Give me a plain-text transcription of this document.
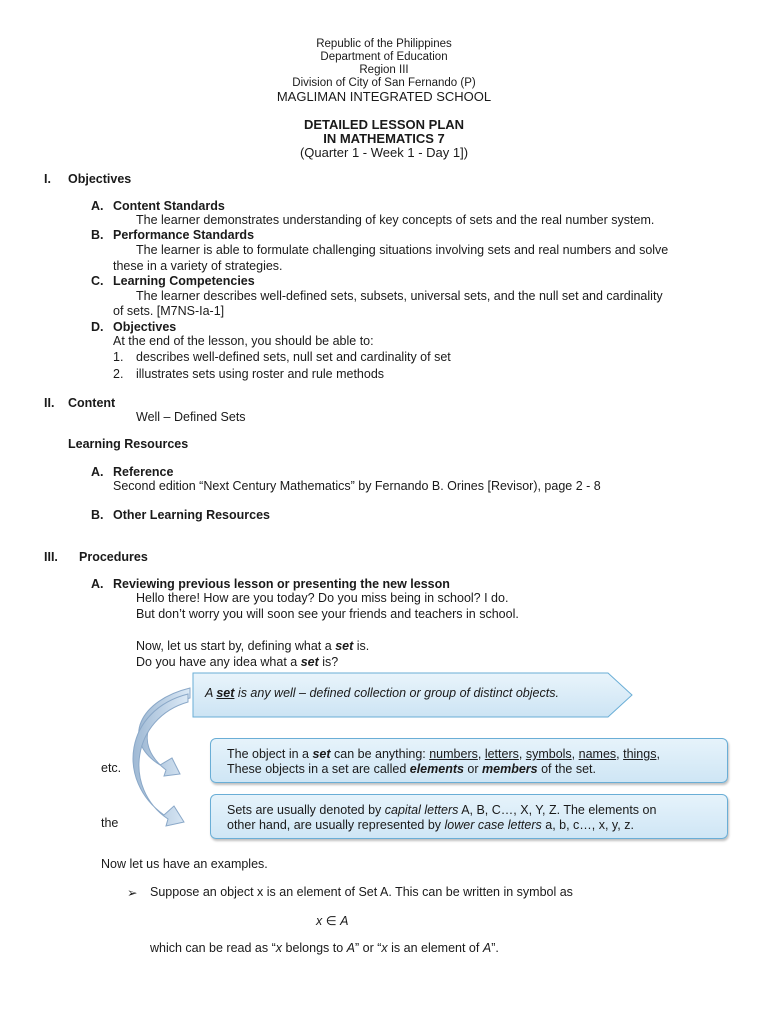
Republic of the Philippines
Department of Education
Region III
Division of City of San Fernando (P)
MAGLIMAN INTEGRATED SCHOOL
DETAILED LESSON PLAN
IN MATHEMATICS 7
(Quarter 1 - Week 1 - Day 1])
I. Objectives
A. Content Standards
The learner demonstrates understanding of key concepts of sets and the real number system.
B. Performance Standards
The learner is able to formulate challenging situations involving sets and real numbers and solve
these in a variety of strategies.
C. Learning Competencies
The learner describes well-defined sets, subsets, universal sets, and the null set and cardinality
of sets. [M7NS-Ia-1]
D. Objectives
At the end of the lesson, you should be able to:
1. describes well-defined sets, null set and cardinality of set
2. illustrates sets using roster and rule methods
II. Content
Well – Defined Sets
Learning Resources
A. Reference
Second edition “Next Century Mathematics” by Fernando B. Orines [Revisor), page 2 - 8
B. Other Learning Resources
III. Procedures
A. Reviewing previous lesson or presenting the new lesson
Hello there! How are you today? Do you miss being in school? I do.
But don’t worry you will soon see your friends and teachers in school.
Now, let us start by, defining what a set is.
Do you have any idea what a set is?
A set is any well – defined collection or group of distinct objects.
The object in a set can be anything: numbers, letters, symbols, names, things,
These objects in a set are called elements or members of the set.
etc.
Sets are usually denoted by capital letters A, B, C…, X, Y, Z. The elements on
other hand, are usually represented by lower case letters a, b, c…, x, y, z.
the
Now let us have an examples.
➢ Suppose an object x is an element of Set A. This can be written in symbol as
x ∈ A
which can be read as “x belongs to A” or “x is an element of A”.
